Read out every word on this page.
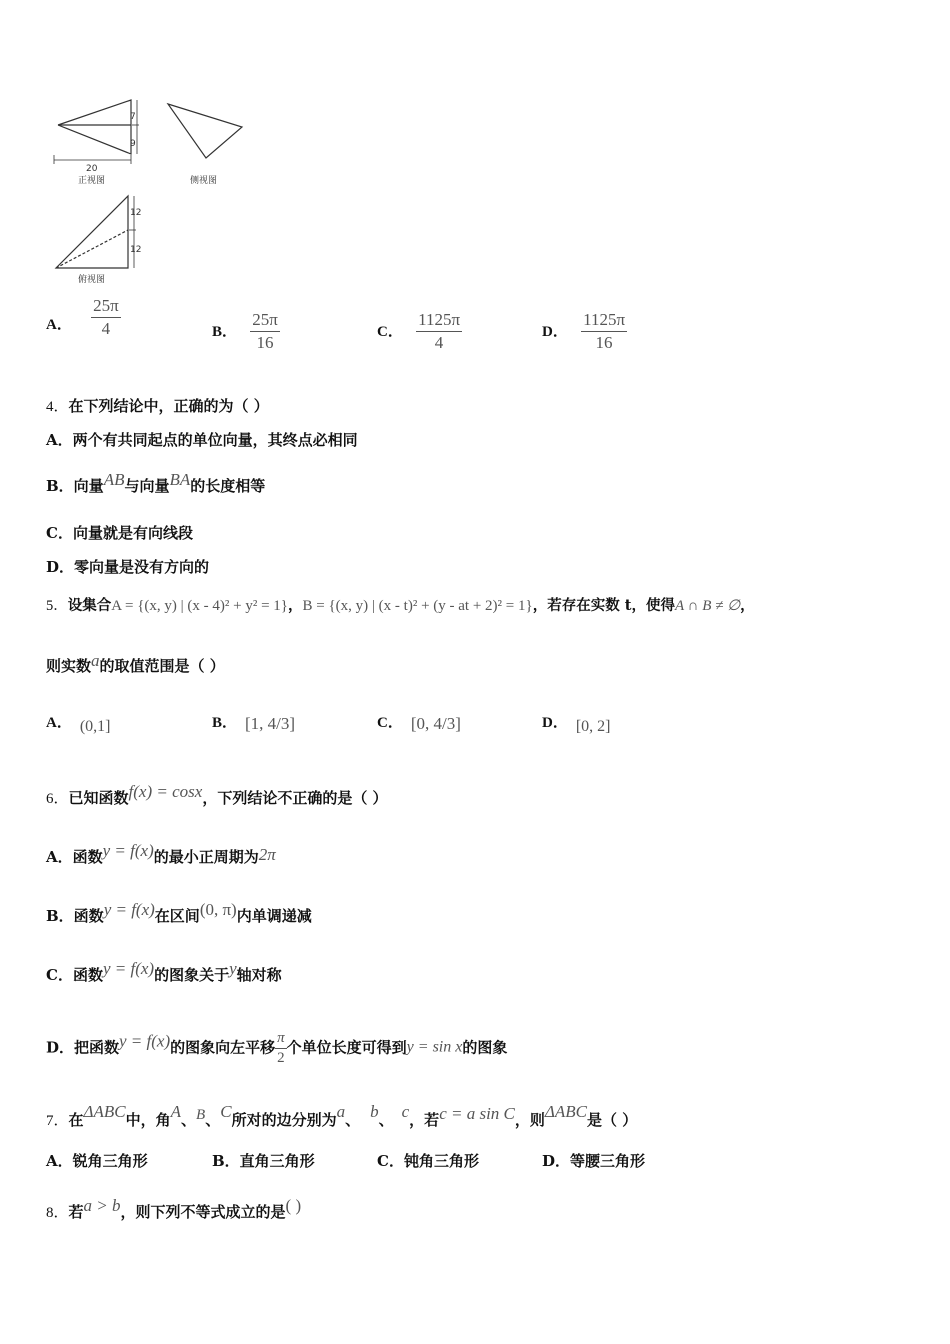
7
9
20
正视图	侧视图
12
12
俯视图
A． $\frac{25\pi}{4}$	B． $\frac{25\pi}{16}$	C． $\frac{1125\pi}{4}$	D． $\frac{1125\pi}{16}$
4．在下列结论中，正确的为（ ）
A．两个有共同起点的单位向量，其终点必相同
B．向量AB与向量BA的长度相等
C．向量就是有向线段
D．零向量是没有方向的
5．设集合A = {(x, y) | (x - 4)² + y² = 1}，B = {(x, y) | (x - t)² + (y - at + 2)² = 1}，若存在实数 t，使得A ∩ B ≠ ∅，
则实数a的取值范围是（ ）
A． (0,1]	B． [1, 4/3]	C． [0, 4/3]	D． [0, 2]
6．已知函数f(x) = cosx，下列结论不正确的是（ ）
A．函数y = f(x)的最小正周期为2π
B．函数y = f(x)在区间(0, π)内单调递减
C．函数y = f(x)的图象关于y轴对称
D．把函数y = f(x)的图象向左平移 $\frac{\pi}{2}$ 个单位长度可得到y = sin x的图象
7．在ΔABC中，角A、B、C所对的边分别为a、 b、 c，若c = a sin C，则ΔABC是（ ）
A．锐角三角形	B．直角三角形	C．钝角三角形	D．等腰三角形
8．若a > b，则下列不等式成立的是( )
